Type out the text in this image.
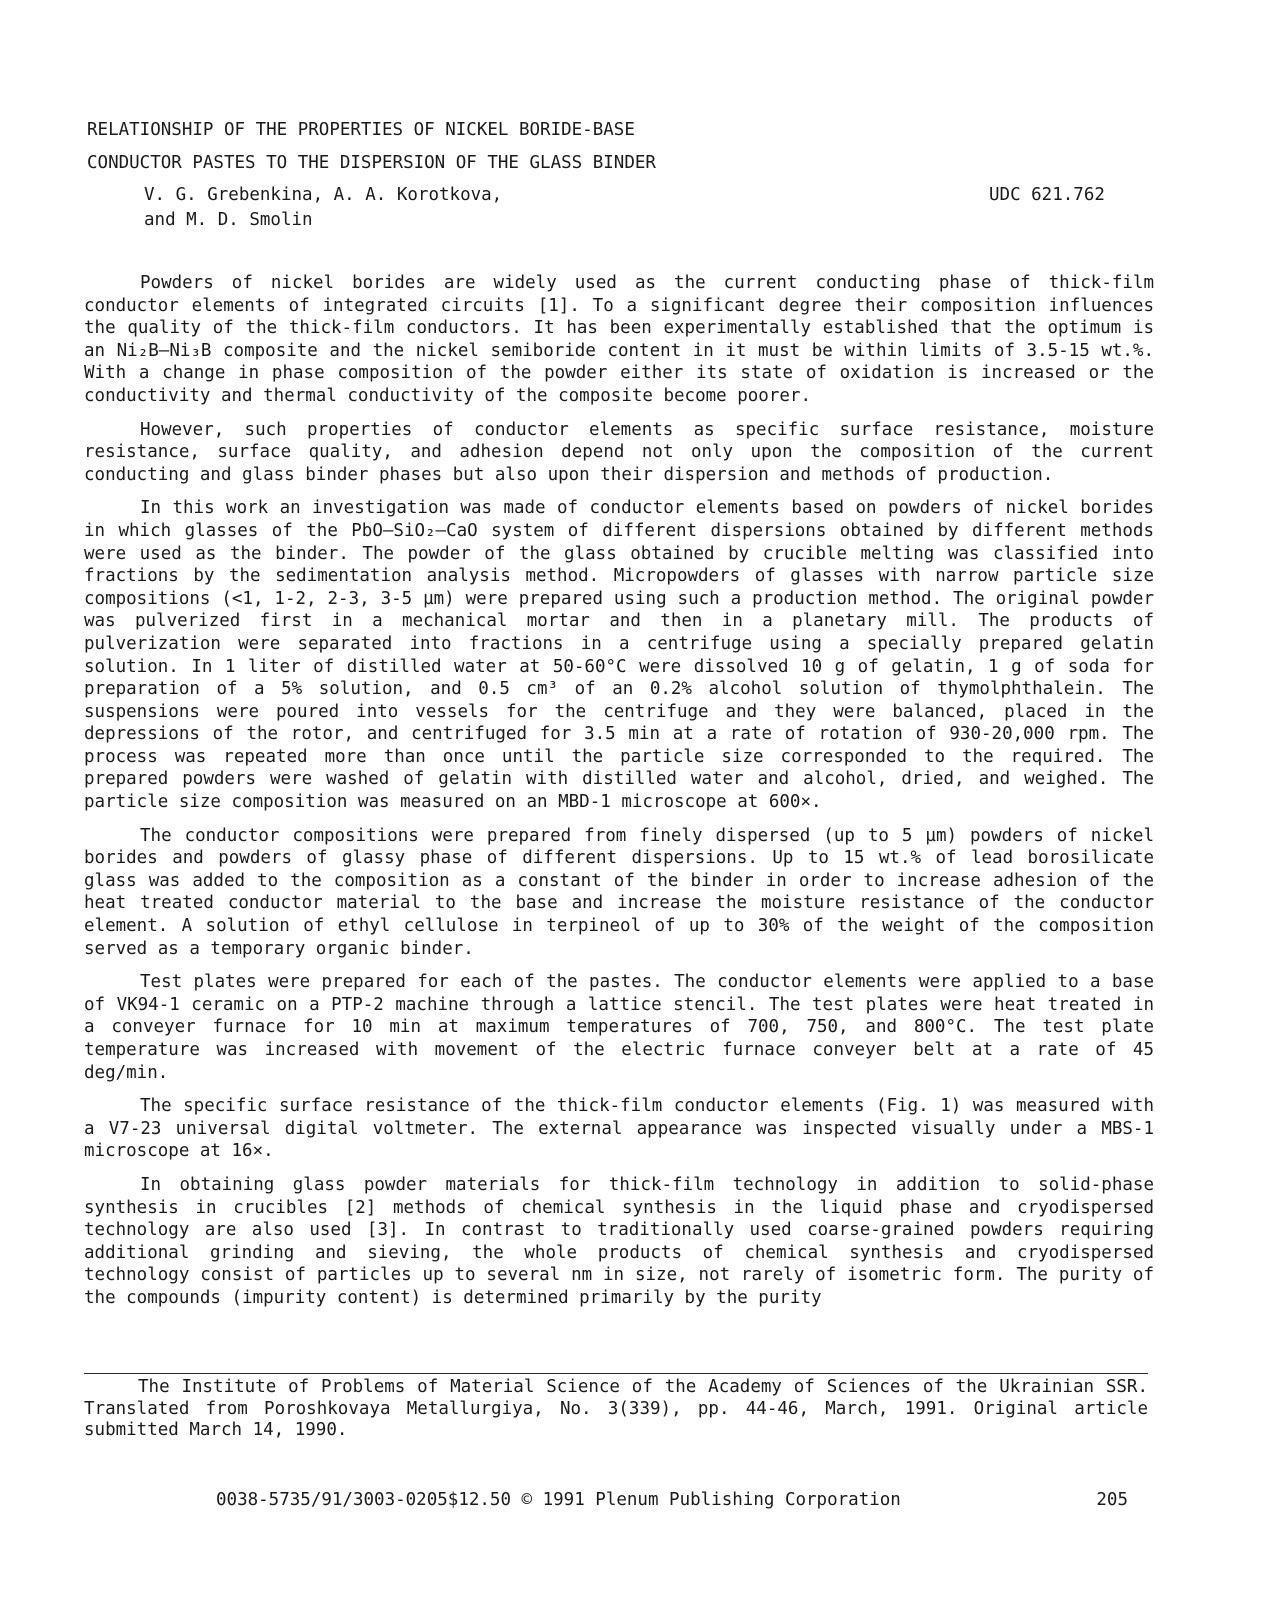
RELATIONSHIP OF THE PROPERTIES OF NICKEL BORIDE-BASE
CONDUCTOR PASTES TO THE DISPERSION OF THE GLASS BINDER
V. G. Grebenkina, A. A. Korotkova,
and M. D. Smolin
UDC 621.762

Powders of nickel borides are widely used as the current conducting phase of thick-film conductor elements of integrated circuits [1]. To a significant degree their composition influences the quality of the thick-film conductors. It has been experimentally established that the optimum is an Ni₂B—Ni₃B composite and the nickel semiboride content in it must be within limits of 3.5-15 wt.%. With a change in phase composition of the powder either its state of oxidation is increased or the conductivity and thermal conductivity of the composite become poorer.

However, such properties of conductor elements as specific surface resistance, moisture resistance, surface quality, and adhesion depend not only upon the composition of the current conducting and glass binder phases but also upon their dispersion and methods of production.

In this work an investigation was made of conductor elements based on powders of nickel borides in which glasses of the PbO—SiO₂—CaO system of different dispersions obtained by different methods were used as the binder. The powder of the glass obtained by crucible melting was classified into fractions by the sedimentation analysis method. Micropowders of glasses with narrow particle size compositions (<1, 1-2, 2-3, 3-5 µm) were prepared using such a production method. The original powder was pulverized first in a mechanical mortar and then in a planetary mill. The products of pulverization were separated into fractions in a centrifuge using a specially prepared gelatin solution. In 1 liter of distilled water at 50-60°C were dissolved 10 g of gelatin, 1 g of soda for preparation of a 5% solution, and 0.5 cm³ of an 0.2% alcohol solution of thymolphthalein. The suspensions were poured into vessels for the centrifuge and they were balanced, placed in the depressions of the rotor, and centrifuged for 3.5 min at a rate of rotation of 930-20,000 rpm. The process was repeated more than once until the particle size corresponded to the required. The prepared powders were washed of gelatin with distilled water and alcohol, dried, and weighed. The particle size composition was measured on an MBD-1 microscope at 600×.

The conductor compositions were prepared from finely dispersed (up to 5 µm) powders of nickel borides and powders of glassy phase of different dispersions. Up to 15 wt.% of lead borosilicate glass was added to the composition as a constant of the binder in order to increase adhesion of the heat treated conductor material to the base and increase the moisture resistance of the conductor element. A solution of ethyl cellulose in terpineol of up to 30% of the weight of the composition served as a temporary organic binder.

Test plates were prepared for each of the pastes. The conductor elements were applied to a base of VK94-1 ceramic on a PTP-2 machine through a lattice stencil. The test plates were heat treated in a conveyer furnace for 10 min at maximum temperatures of 700, 750, and 800°C. The test plate temperature was increased with movement of the electric furnace conveyer belt at a rate of 45 deg/min.

The specific surface resistance of the thick-film conductor elements (Fig. 1) was measured with a V7-23 universal digital voltmeter. The external appearance was inspected visually under a MBS-1 microscope at 16×.

In obtaining glass powder materials for thick-film technology in addition to solid-phase synthesis in crucibles [2] methods of chemical synthesis in the liquid phase and cryodispersed technology are also used [3]. In contrast to traditionally used coarse-grained powders requiring additional grinding and sieving, the whole products of chemical synthesis and cryodispersed technology consist of particles up to several nm in size, not rarely of isometric form. The purity of the compounds (impurity content) is determined primarily by the purity

The Institute of Problems of Material Science of the Academy of Sciences of the Ukrainian SSR. Translated from Poroshkovaya Metallurgiya, No. 3(339), pp. 44-46, March, 1991. Original article submitted March 14, 1990.

0038-5735/91/3003-0205$12.50 © 1991 Plenum Publishing Corporation	205
